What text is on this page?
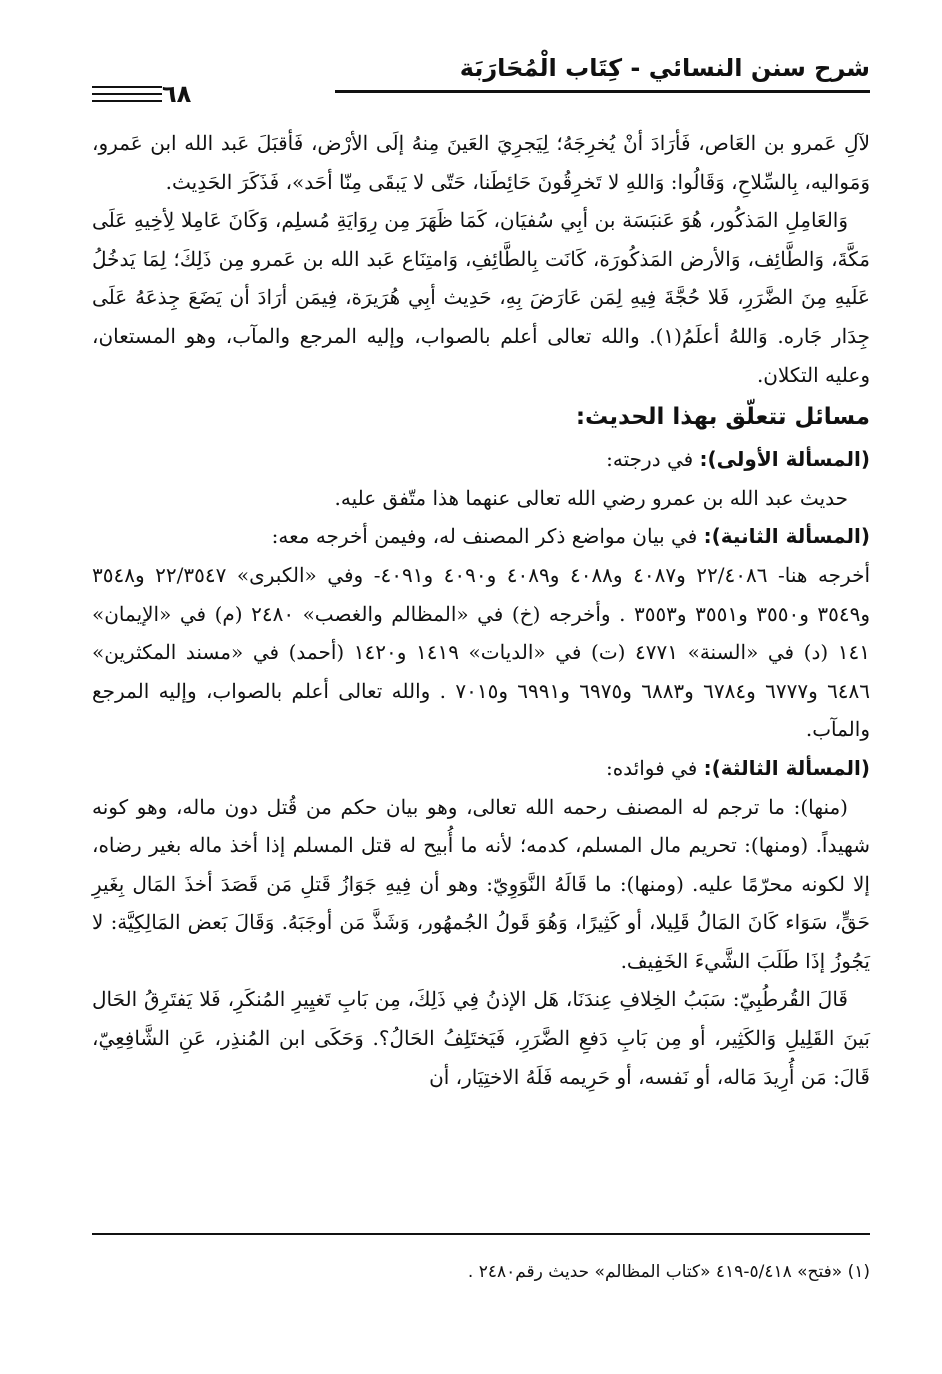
شرح سنن النسائي - كِتَاب الْمُحَارَبَة
٦٨

لآلِ عَمرو بن العَاص، فَأرَادَ أنْ يُخرِجَهُ؛ لِيَجرِيَ العَينَ مِنهُ إلَى الأرْض، فَأقبَلَ عَبد الله ابن عَمرو، وَمَواليه، بِالسِّلاحِ، وَقَالُوا: وَاللهِ لا تَخرِقُونَ حَائِطَنا، حَتّى لا يَبقَى مِنّا أحَد»، فَذَكَرَ الحَدِيث.

وَالعَامِلِ المَذكُور، هُوَ عَنبَسَة بن أبِي سُفيَان، كَمَا ظَهَرَ مِن رِوَايَةِ مُسلِم، وَكَانَ عَامِلا لِأخِيهِ عَلَى مَكَّةَ، وَالطَّائِف، وَالأرض المَذكُورَة، كَانَت بِالطَّائِفِ، وَامتِنَاع عَبد الله بن عَمرو مِن ذَلِكَ؛ لِمَا يَدخُلُ عَلَيهِ مِنَ الضَّرَرِ، فَلا حُجَّةَ فِيهِ لِمَن عَارَضَ بِهِ، حَدِيث أبِي هُرَيرَة، فِيمَن أرَادَ أن يَضَعَ جِذعَهُ عَلَى جِدَار جَاره. وَاللهُ أعلَمُ(١). والله تعالى أعلم بالصواب، وإليه المرجع والمآب، وهو المستعان، وعليه التكلان.

مسائل تتعلّق بهذا الحديث:

(المسألة الأولى): في درجته:

حديث عبد الله بن عمرو رضي الله تعالى عنهما هذا متّفق عليه.

(المسألة الثانية): في بيان مواضع ذكر المصنف له، وفيمن أخرجه معه:

أخرجه هنا- ٢٢/٤٠٨٦ و٤٠٨٧ و٤٠٨٨ و٤٠٨٩ و٤٠٩٠ و٤٠٩١- وفي «الكبرى» ٢٢/٣٥٤٧ و٣٥٤٨ و٣٥٤٩ و٣٥٥٠ و٣٥٥١ و٣٥٥٣ . وأخرجه (خ) في «المظالم والغصب» ٢٤٨٠ (م) في «الإيمان» ١٤١ (د) في «السنة» ٤٧٧١ (ت) في «الديات» ١٤١٩ و١٤٢٠ (أحمد) في «مسند المكثرين» ٦٤٨٦ و٦٧٧٧ و٦٧٨٤ و٦٨٨٣ و٦٩٧٥ و٦٩٩١ و٧٠١٥ . والله تعالى أعلم بالصواب، وإليه المرجع والمآب.

(المسألة الثالثة): في فوائده:

(منها): ما ترجم له المصنف رحمه الله تعالى، وهو بيان حكم من قُتل دون ماله، وهو كونه شهيداً. (ومنها): تحريم مال المسلم، كدمه؛ لأنه ما أُبيح له قتل المسلم إذا أخذ ماله بغير رضاه، إلا لكونه محرّمًا عليه. (ومنها): ما قَالَهُ النَّوَوِيّ: وهو أن فِيهِ جَوَازُ قَتلِ مَن قَصَدَ أخذَ المَال بِغَيرِ حَقٍّ، سَوَاء كَانَ المَالُ قَلِيلا، أو كَثِيرًا، وَهُوَ قَولُ الجُمهُور، وَشَذَّ مَن أوجَبَهُ. وَقَالَ بَعض المَالِكِيَّة: لا يَجُوزُ إذَا طَلَبَ الشَّيءَ الخَفِيف.

قَالَ القُرطُبِيّ: سَبَبُ الخِلافِ عِندَنَا، هَل الإذنُ فِي ذَلِكَ، مِن بَابِ تَغيِيرِ المُنكَرِ، فَلا يَفتَرِقُ الحَال بَينَ القَلِيلِ وَالكَثِير، أو مِن بَابِ دَفعِ الضَّرَرِ، فَيَختَلِفُ الحَالُ؟. وَحَكَى ابن المُنذِر، عَنِ الشَّافِعِيّ، قَالَ: مَن أُرِيدَ مَاله، أو نَفسه، أو حَرِيمه فَلَهُ الاختِيَار، أن

(١) «فتح» ٥/٤١٨-٤١٩ «كتاب المظالم» حديث رقم٢٤٨٠ .
